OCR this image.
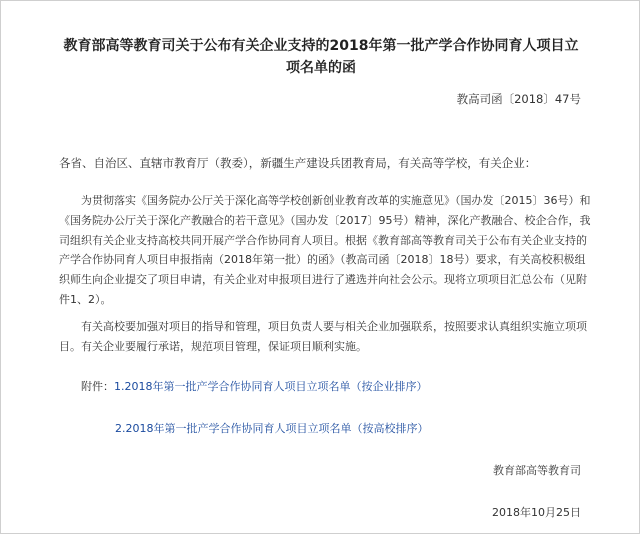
教育部高等教育司关于公布有关企业支持的2018年第一批产学合作协同育人项目立项名单的函
教高司函〔2018〕47号

各省、自治区、直辖市教育厅（教委），新疆生产建设兵团教育局，有关高等学校，有关企业：

为贯彻落实《国务院办公厅关于深化高等学校创新创业教育改革的实施意见》（国办发〔2015〕36号）和《国务院办公厅关于深化产教融合的若干意见》（国办发〔2017〕95号）精神，深化产教融合、校企合作，我司组织有关企业支持高校共同开展产学合作协同育人项目。根据《教育部高等教育司关于公布有关企业支持的产学合作协同育人项目申报指南（2018年第一批）的函》（教高司函〔2018〕18号）要求，有关高校积极组织师生向企业提交了项目申请，有关企业对申报项目进行了遴选并向社会公示。现将立项项目汇总公布（见附件1、2）。

有关高校要加强对项目的指导和管理，项目负责人要与相关企业加强联系，按照要求认真组织实施立项项目。有关企业要履行承诺，规范项目管理，保证项目顺利实施。

附件：1.2018年第一批产学合作协同育人项目立项名单（按企业排序）
2.2018年第一批产学合作协同育人项目立项名单（按高校排序）
教育部高等教育司
2018年10月25日
